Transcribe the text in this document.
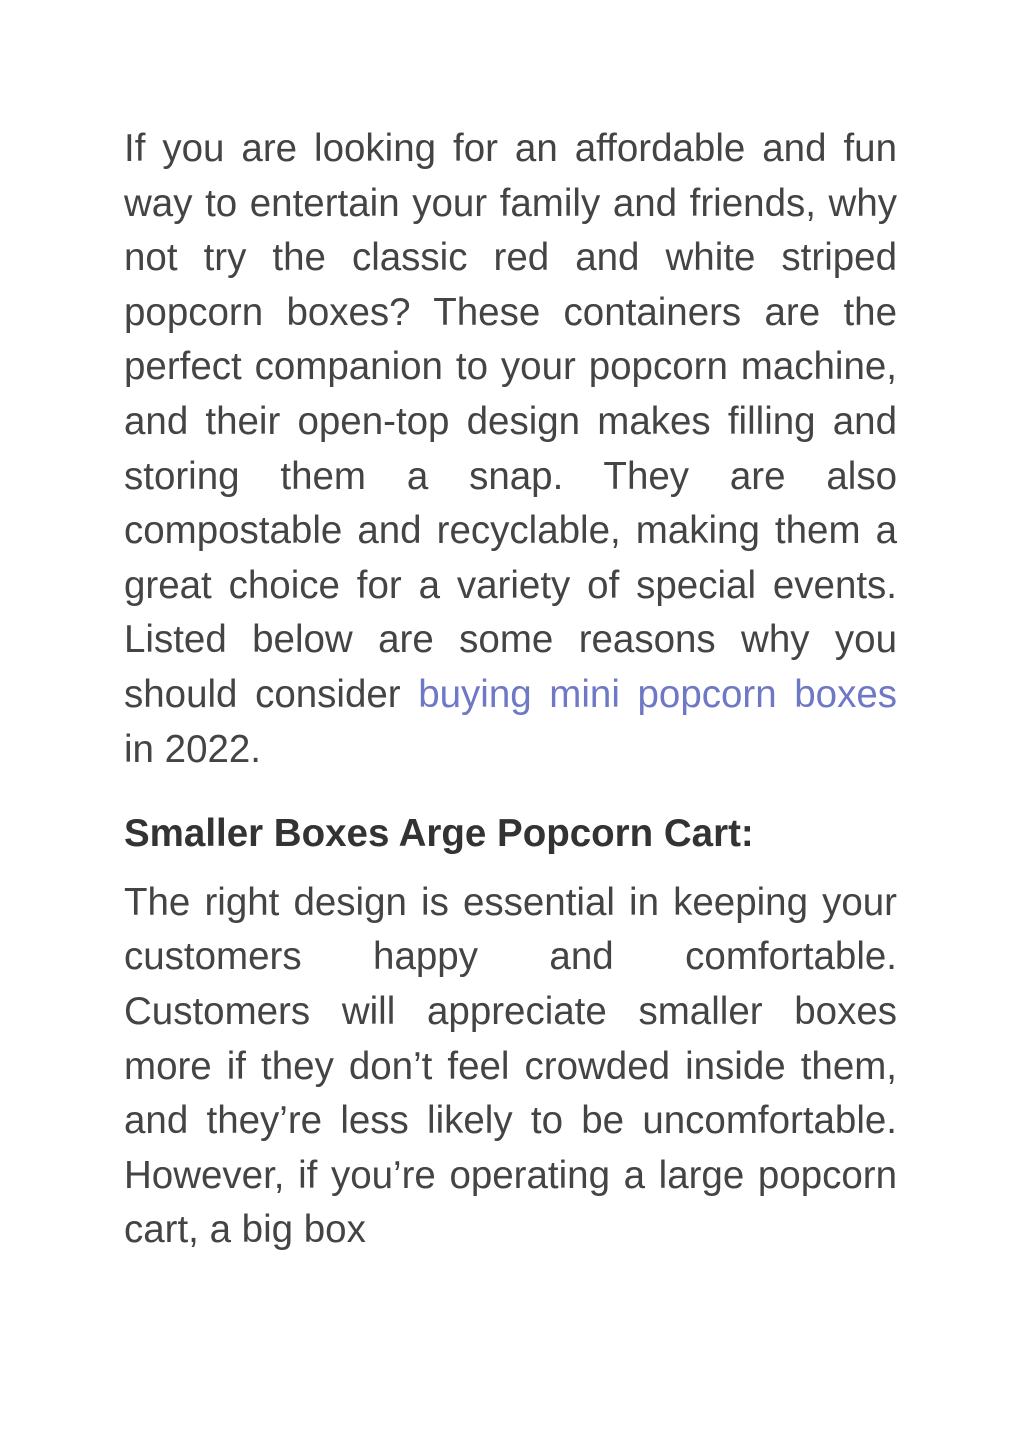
If you are looking for an affordable and fun way to entertain your family and friends, why not try the classic red and white striped popcorn boxes? These containers are the perfect companion to your popcorn machine, and their open-top design makes filling and storing them a snap. They are also compostable and recyclable, making them a great choice for a variety of special events. Listed below are some reasons why you should consider buying mini popcorn boxes in 2022.

Smaller Boxes Arge Popcorn Cart:

The right design is essential in keeping your customers happy and comfortable. Customers will appreciate smaller boxes more if they don’t feel crowded inside them, and they’re less likely to be uncomfortable. However, if you’re operating a large popcorn cart, a big box
